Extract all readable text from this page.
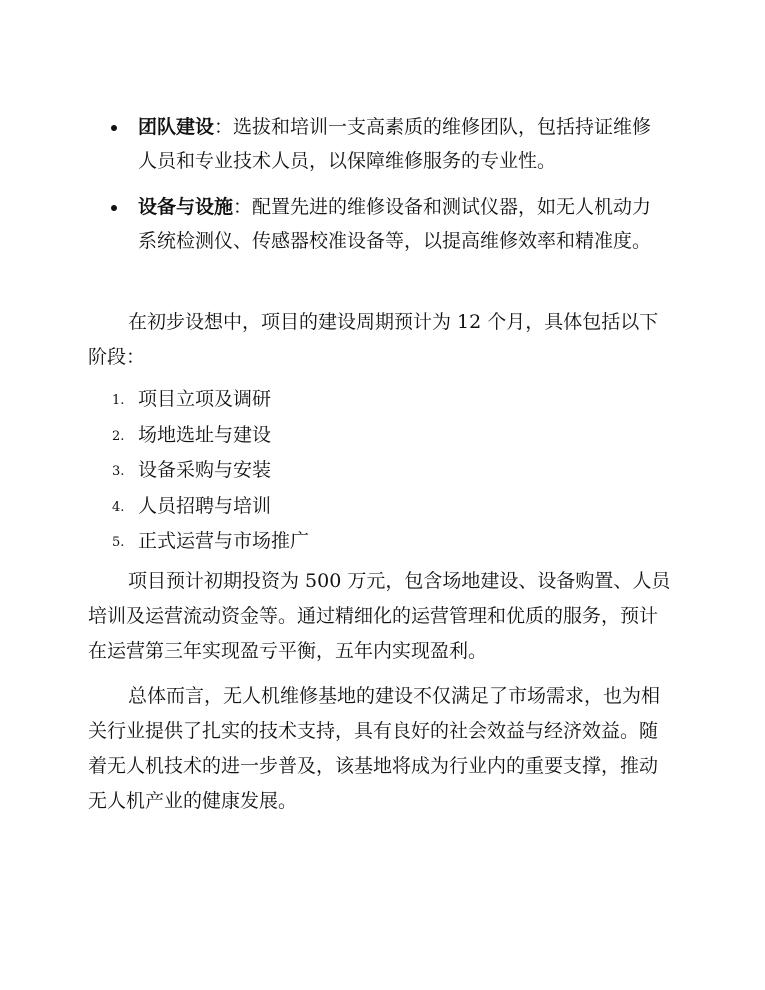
团队建设：选拔和培训一支高素质的维修团队，包括持证维修人员和专业技术人员，以保障维修服务的专业性。
设备与设施：配置先进的维修设备和测试仪器，如无人机动力系统检测仪、传感器校准设备等，以提高维修效率和精准度。

在初步设想中，项目的建设周期预计为 12 个月，具体包括以下阶段：

1. 项目立项及调研
2. 场地选址与建设
3. 设备采购与安装
4. 人员招聘与培训
5. 正式运营与市场推广

项目预计初期投资为 500 万元，包含场地建设、设备购置、人员培训及运营流动资金等。通过精细化的运营管理和优质的服务，预计在运营第三年实现盈亏平衡，五年内实现盈利。

总体而言，无人机维修基地的建设不仅满足了市场需求，也为相关行业提供了扎实的技术支持，具有良好的社会效益与经济效益。随着无人机技术的进一步普及，该基地将成为行业内的重要支撑，推动无人机产业的健康发展。
